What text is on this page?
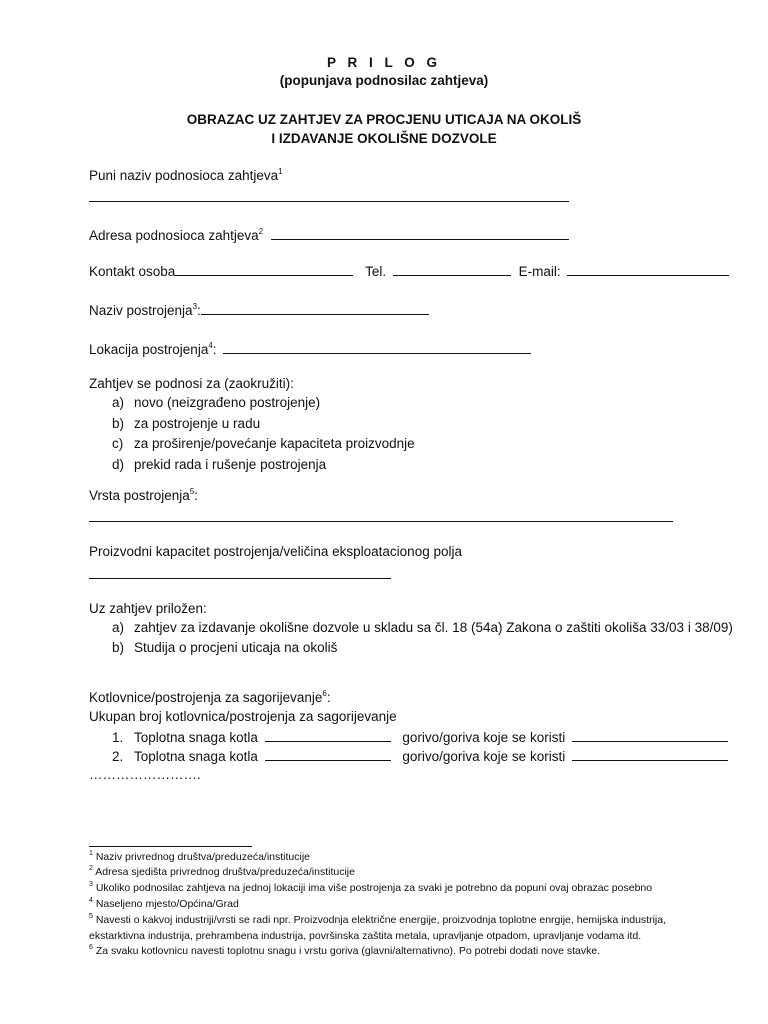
P R I L O G
(popunjava podnosilac zahtjeva)
OBRAZAC UZ ZAHTJEV ZA PROCJENU UTICAJA NA OKOLIŠ
I IZDAVANJE OKOLIŠNE DOZVOLE
Puni naziv podnosioca zahtjeva$^1$
Adresa podnosioca zahtjeva$^2$
Kontakt osoba	Tel.	E-mail:
Naziv postrojenja$^3$:
Lokacija postrojenja$^4$:
Zahtjev se podnosi za (zaokružiti):
a) novo (neizgrađeno postrojenje)
b) za postrojenje u radu
c) za proširenje/povećanje kapaciteta proizvodnje
d) prekid rada i rušenje postrojenja
Vrsta postrojenja$^5$:
Proizvodni kapacitet postrojenja/veličina eksploatacionog polja
Uz zahtjev priložen:
a) zahtjev za izdavanje okolišne dozvole u skladu sa čl. 18 (54a) Zakona o zaštiti okoliša 33/03 i 38/09)
b) Studija o procjeni uticaja na okoliš
Kotlovnice/postrojenja za sagorijevanje$^6$:
Ukupan broj kotlovnica/postrojenja za sagorijevanje
1. Toplotna snaga kotla	gorivo/goriva koje se koristi
2. Toplotna snaga kotla	gorivo/goriva koje se koristi
…………………….
$^1$ Naziv privrednog društva/preduzeća/institucije
$^2$ Adresa sjedišta privrednog društva/preduzeća/institucije
$^3$ Ukoliko podnosilac zahtjeva na jednoj lokaciji ima više postrojenja za svaki je potrebno da popuni ovaj obrazac posebno
$^4$ Naseljeno mjesto/Općina/Grad
$^5$ Navesti o kakvoj industriji/vrsti se radi npr. Proizvodnja električne energije, proizvodnja toplotne enrgije, hemijska industrija,
ekstarktivna industrija, prehrambena industrija, površinska zaštita metala, upravljanje otpadom, upravljanje vodama itd.
$^6$ Za svaku kotlovnicu navesti toplotnu snagu i vrstu goriva (glavni/alternativno). Po potrebi dodati nove stavke.
